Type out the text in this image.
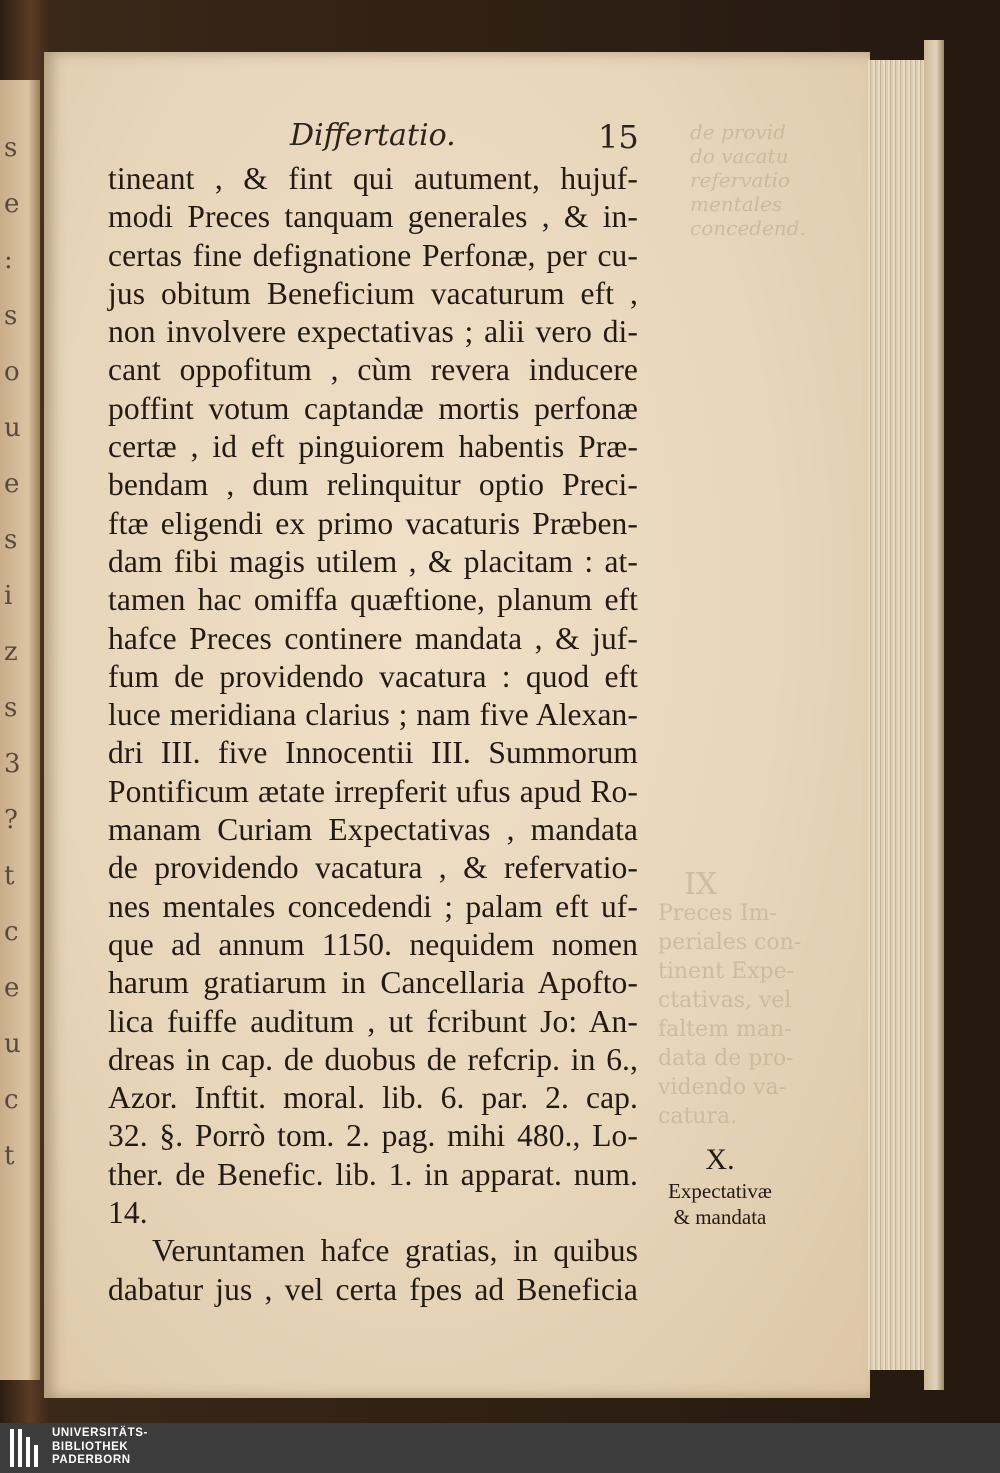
s
e
:
s
o
u
e
s
i
z
s
3
?
t
c
e
u
c
t
de provid
do vacatu
refervatio
mentales
concedend.
Differtatio.	15
tineant , & fint qui autument, hujuf-
modi Preces tanquam generales , & in-
certas fine defignatione Perfonæ, per cu-
jus obitum Beneficium vacaturum eft ,
non involvere expectativas ; alii vero di-
cant oppofitum , cùm revera inducere
poffint votum captandæ mortis perfonæ
certæ , id eft pinguiorem habentis Præ-
bendam , dum relinquitur optio Preci-
ftæ eligendi ex primo vacaturis Præben-
dam fibi magis utilem , & placitam : at-
tamen hac omiffa quæftione, planum eft
hafce Preces continere mandata , & juf-
fum de providendo vacatura : quod eft
luce meridiana clarius ; nam five Alexan-
dri III. five Innocentii III. Summorum
Pontificum ætate irrepferit ufus apud Ro-
manam Curiam Expectativas , mandata
de providendo vacatura , & refervatio-
nes mentales concedendi ; palam eft uf-
que ad annum 1150. nequidem nomen
harum gratiarum in Cancellaria Apofto-
lica fuiffe auditum , ut fcribunt Jo: An-
dreas in cap. de duobus de refcrip. in 6.,
Azor. Inftit. moral. lib. 6. par. 2. cap.
32. §. Porrò tom. 2. pag. mihi 480., Lo-
ther. de Benefic. lib. 1. in apparat. num.
14.
Veruntamen hafce gratias, in quibus
dabatur jus , vel certa fpes ad Beneficia
IX
Preces Im-
periales con-
tinent Expe-
ctativas, vel
faltem man-
data de pro-
videndo va-
catura.
X.
Expectativæ
& mandata
UNIVERSITÄTS-
BIBLIOTHEK
PADERBORN
